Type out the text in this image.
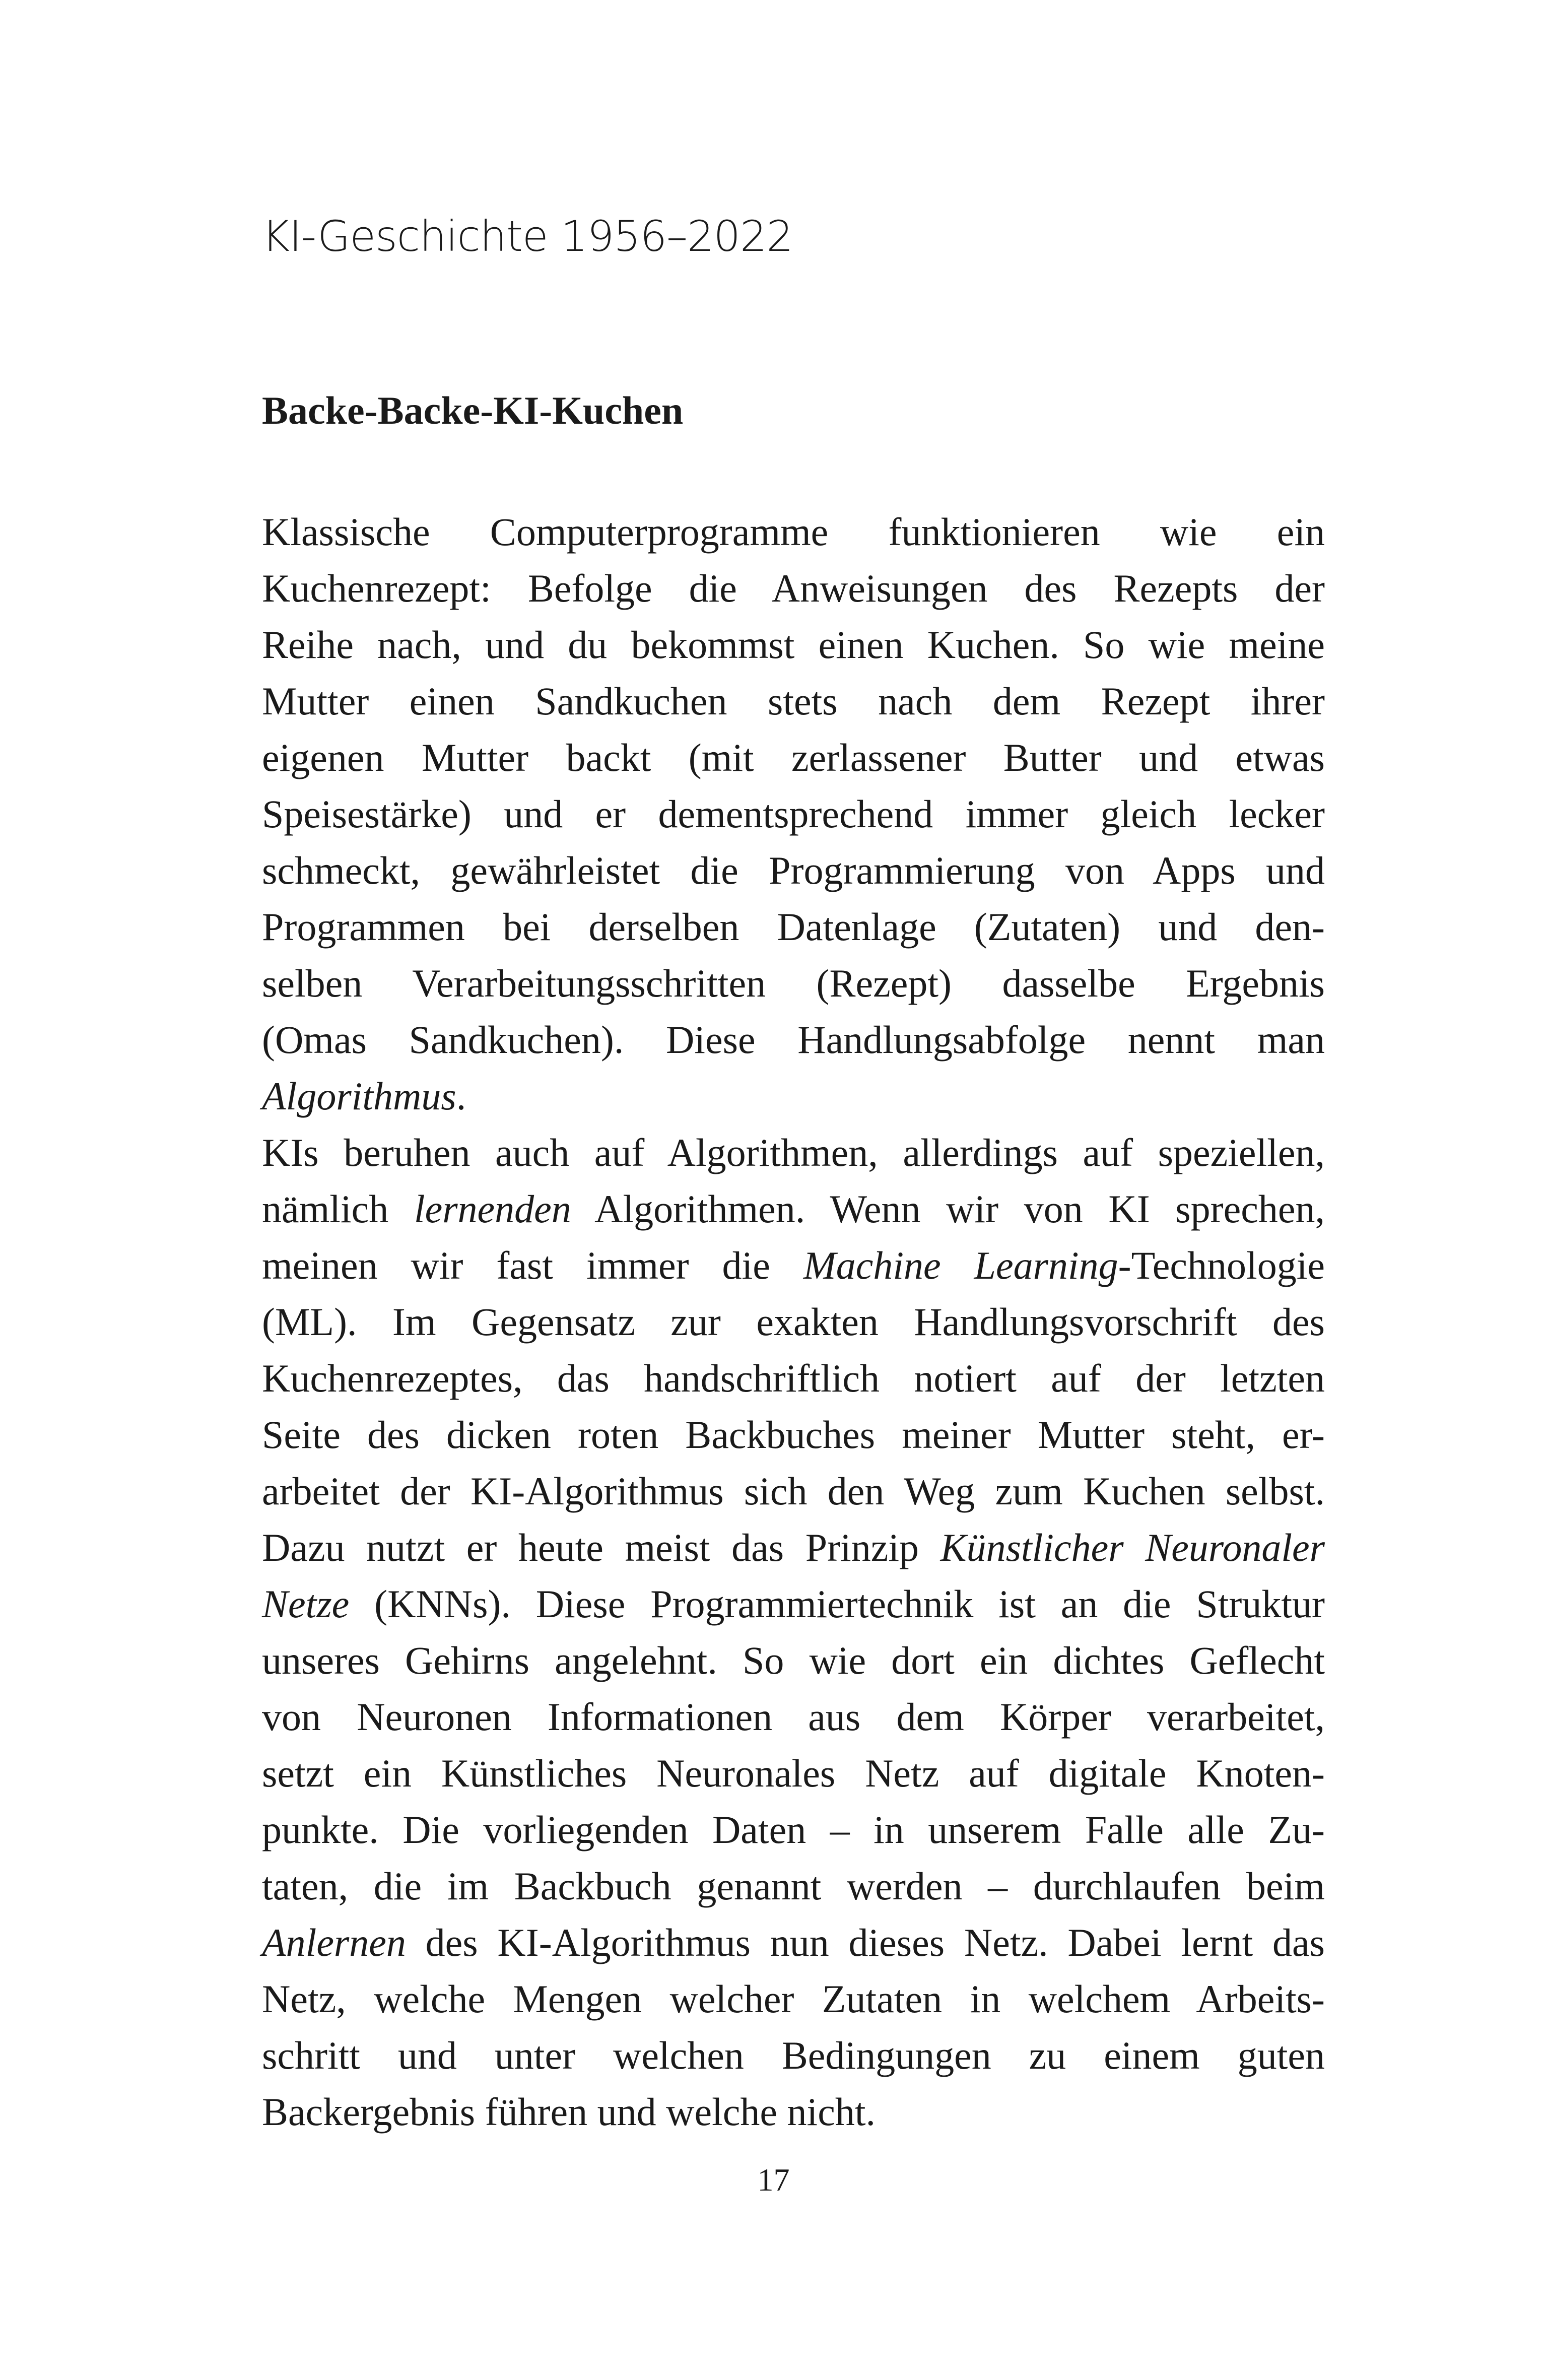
KI-Geschichte 1956–2022
Backe-Backe-KI-Kuchen
Klassische Computerprogramme funktionieren wie ein
Kuchenrezept: Befolge die Anweisungen des Rezepts der
Reihe nach, und du bekommst einen Kuchen. So wie meine
Mutter einen Sandkuchen stets nach dem Rezept ihrer
eigenen Mutter backt (mit zerlassener Butter und etwas
Speisestärke) und er dementsprechend immer gleich lecker
schmeckt, gewährleistet die Programmierung von Apps und
Programmen bei derselben Datenlage (Zutaten) und den-
selben Verarbeitungsschritten (Rezept) dasselbe Ergebnis
(Omas Sandkuchen). Diese Handlungsabfolge nennt man
Algorithmus.
KIs beruhen auch auf Algorithmen, allerdings auf speziellen,
nämlich lernenden Algorithmen. Wenn wir von KI sprechen,
meinen wir fast immer die Machine Learning-Technologie
(ML). Im Gegensatz zur exakten Handlungsvorschrift des
Kuchenrezeptes, das handschriftlich notiert auf der letzten
Seite des dicken roten Backbuches meiner Mutter steht, er-
arbeitet der KI-Algorithmus sich den Weg zum Kuchen selbst.
Dazu nutzt er heute meist das Prinzip Künstlicher Neuronaler
Netze (KNNs). Diese Programmiertechnik ist an die Struktur
unseres Gehirns angelehnt. So wie dort ein dichtes Geflecht
von Neuronen Informationen aus dem Körper verarbeitet,
setzt ein Künstliches Neuronales Netz auf digitale Knoten-
punkte. Die vorliegenden Daten – in unserem Falle alle Zu-
taten, die im Backbuch genannt werden – durchlaufen beim
Anlernen des KI-Algorithmus nun dieses Netz. Dabei lernt das
Netz, welche Mengen welcher Zutaten in welchem Arbeits-
schritt und unter welchen Bedingungen zu einem guten
Backergebnis führen und welche nicht.
17
